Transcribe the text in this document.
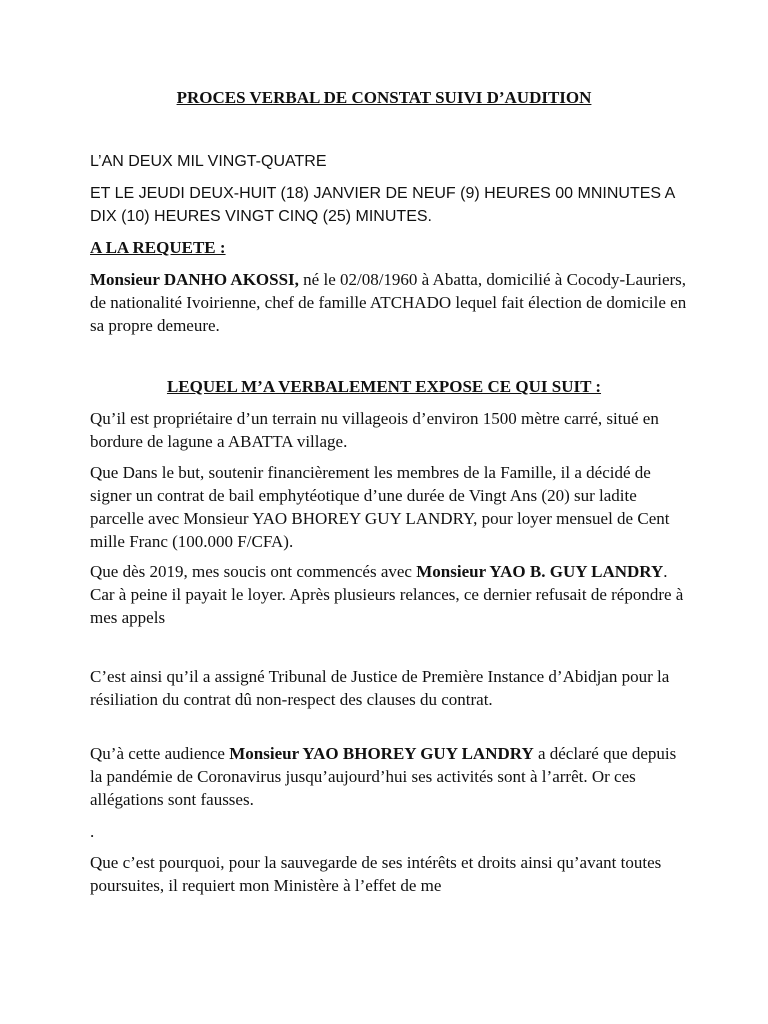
PROCES VERBAL DE CONSTAT SUIVI D’AUDITION

L’AN DEUX MIL VINGT-QUATRE

ET LE JEUDI DEUX-HUIT (18) JANVIER DE NEUF (9) HEURES 00 MNINUTES A DIX (10) HEURES VINGT CINQ (25) MINUTES.

A LA REQUETE :

Monsieur DANHO AKOSSI, né le 02/08/1960 à Abatta, domicilié à Cocody-Lauriers, de nationalité Ivoirienne, chef de famille ATCHADO lequel fait élection de domicile en sa propre demeure.

LEQUEL M’A VERBALEMENT EXPOSE CE QUI SUIT :

Qu’il est propriétaire d’un terrain nu villageois d’environ 1500 mètre carré, situé en bordure de lagune a ABATTA village.

Que Dans le but, soutenir financièrement les membres de la Famille, il a décidé de signer un contrat de bail emphytéotique d’une durée de Vingt Ans (20) sur ladite parcelle avec Monsieur YAO BHOREY GUY LANDRY, pour loyer mensuel de Cent mille Franc (100.000 F/CFA).

Que dès 2019, mes soucis ont commencés avec Monsieur YAO B. GUY LANDRY. Car à peine il payait le loyer. Après plusieurs relances, ce dernier refusait de répondre à mes appels

C’est ainsi qu’il a assigné Tribunal de Justice de Première Instance d’Abidjan pour la résiliation du contrat dû non-respect des clauses du contrat.

Qu’à cette audience Monsieur YAO BHOREY GUY LANDRY a déclaré que depuis la pandémie de Coronavirus jusqu’aujourd’hui ses activités sont à l’arrêt. Or ces allégations sont fausses.

.

Que c’est pourquoi, pour la sauvegarde de ses intérêts et droits ainsi qu’avant toutes poursuites, il requiert mon Ministère à l’effet de me
